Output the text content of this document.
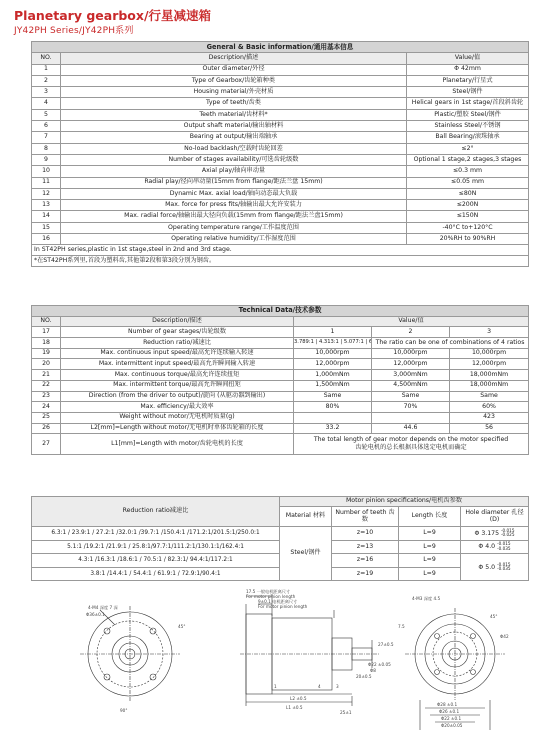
Planetary gearbox/行星减速箱
JY42PH Series/JY42PH系列
General & Basic information/通用基本信息		
NO.	Description/描述	Value/值
1	Outer diameter/外径	Φ 42mm
2	Type of Gearbox/齿轮箱种类	Planetary/行星式
3	Housing material/外壳材质	Steel/钢件
4	Type of teeth/齿类	Helical gears in 1st stage/首段斜齿轮
5	Teeth material/齿材料*	Plastic/塑胶 Steel/钢件
6	Output shaft material/输出轴材料	Stainless Steel/不锈钢
7	Bearing at output/输出端轴承	Ball Bearing/滚珠轴承
8	No-load backlash/空载时齿轮回差	≤2°
9	Number of stages availability/可选齿轮级数	Optional 1 stage,2 stages,3 stages
10	Axial play/轴向串动量	≤0.3 mm
11	Radial play/径向串动量(15mm from flange/距法兰盘 15mm)	≤0.05 mm
12	Dynamic Max. axial load/轴向动态最大负载	≤80N
13	Max. force for press fits/轴输出最大允许安装力	≤200N
14	Max. radial force/轴输出最大径向负载(15mm from flange/距法兰盘15mm)	≤150N
15	Operating temperature range/工作温度范围	-40°C to+120°C
16	Operating relative humidity/工作湿度范围	20%RH to 90%RH
In ST42PH series,plastic in 1st stage,steel in 2nd and 3rd stage.		
*在ST42PH系列里,首段为塑料齿,其他第2段和第3段分别为钢齿。		
Technical Data/技术参数				
NO.	Description/描述	Value/值		
17	Number of gear stages/齿轮级数	1	2	3
18	Reduction ratio/减速比	3.789:1 | 4.313:1 | 5.077:1 |	The ratio can be one of combinations of 4 ratios	
19	Max. continuous input speed/最高允许连续输入转速	10,000rpm	10,000rpm	10,000rpm
20	Max. intermittent input speed/最高允许瞬间输入转速	12,000rpm	12,000rpm	12,000rpm
21	Max. continuous torque/最高允许连续扭矩	1,000mNm	3,000mNm	18,000mNm
22	Max. intermittent torque/最高允许瞬间扭矩	1,500mNm	4,500mNm	18,000mNm
23	Direction (from the driver to output)/旋向 (从驱动器到输出)	Same	Same	Same
24	Max. efficiency/最大效率	80%	70%	60%
25	Weight without motor/无电机时质量(g)			423
26	L2[mm]=Length without motor/无电机时单体齿轮箱的长度	33.2	44.6	56
27	L1[mm]=Length with motor/齿轮电机的长度	The total length of gear motor depends on the motor specified
齿轮电机的总长根据具体选定电机而确定		
Reduction ratio减速比	Motor pinion specifications/电机齿参数			
	Material 材料	Number of teeth 齿数	Length 长度	Hole diameter 孔径 (D)
6.3:1 / 23.9:1 / 27.2:1 /32.0:1 /39.7:1 /150.4:1 /171.2:1/201.5:1/250.0:1	Steel/钢件	z=10	L=9	Φ 3.175 -0.015
-0.025

5.1:1 /19.2:1 /21.9:1 / 25.8:1/97.7:1/111.2:1/130.1:1/162.4:1		z=13	L=9	Φ 4.0 -0.015
-0.035

4.3:1 /16.3:1 /18.6:1 / 70.5:1 / 82.3:1/ 94.4:1/117.2:1		z=16	L=9	Φ 5.0 -0.015
-0.035

3.8:1 /14.4:1 / 54.4:1 / 61.9:1 / 72.9:1/90.4:1		z=19	L=9	
4-M4 深度 7 深
Φ36±0.1
45°
90°
17.5 一般电机距离尺寸
For motor pinion length
9±0.1 电机距离尺寸
For motor pinion length
L2 ±0.5
L1 ±0.5
25±1
20±0.5
27±0.5
3
4
1
4-M3 深度 4.5
45°
Φ42
Φ22 ±0.05
Φ8
Φ28 ±0.1
Φ26 ±0.1
Φ22 ±0.1
Φ20±0.05
7.5
